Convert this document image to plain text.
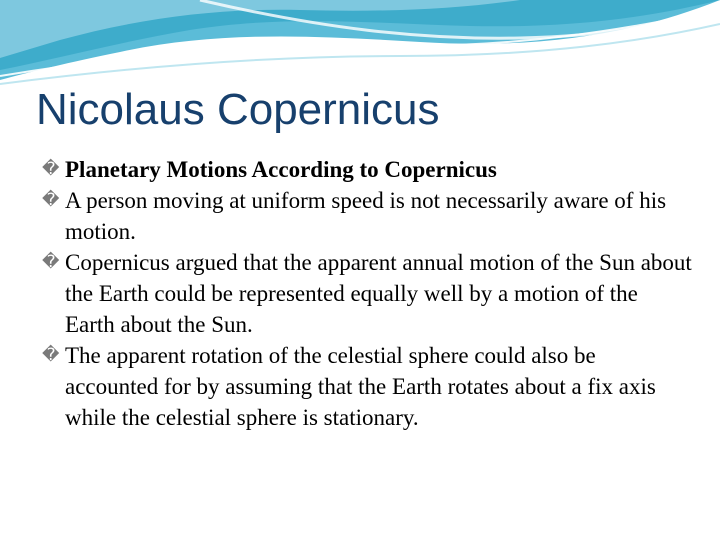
Nicolaus Copernicus

� Planetary Motions According to Copernicus

� A person moving at uniform speed is not necessarily aware of his motion.

� Copernicus argued that the apparent annual motion of the Sun about the Earth could be represented equally well by a motion of the Earth about the Sun.

� The apparent rotation of the celestial sphere could also be accounted for by assuming that the Earth rotates about a fix axis while the celestial sphere is stationary.
